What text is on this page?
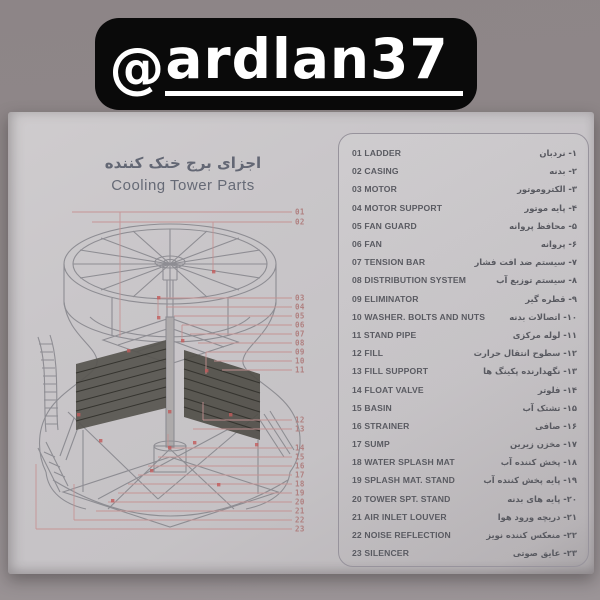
@ ardlan37
اجزای برج خنک کننده
Cooling Tower Parts
01
02
03
04
05
06
07
08
09
10
11
12
13
14
15
16
17
18
19
20
21
22
23
01 LADDER	۱- نردبان
02 CASING	۲- بدنه
03 MOTOR	۳- الکتروموتور
04 MOTOR SUPPORT	۴- پایه موتور
05 FAN GUARD	۵- محافظ پروانه
06 FAN	۶- پروانه
07 TENSION BAR	۷- سیستم ضد افت فشار
08 DISTRIBUTION SYSTEM	۸- سیستم توزیع آب
09 ELIMINATOR	۹- قطره گیر
10 WASHER. BOLTS AND NUTS	۱۰- اتصالات بدنه
11 STAND PIPE	۱۱- لوله مرکزی
12 FILL	۱۲- سطوح انتقال حرارت
13 FILL SUPPORT	۱۳- نگهدارنده پکینگ ها
14 FLOAT VALVE	۱۴- فلوتر
15 BASIN	۱۵- تشتک آب
16 STRAINER	۱۶- صافی
17 SUMP	۱۷- مخزن زیرین
18 WATER SPLASH MAT	۱۸- پخش کننده آب
19 SPLASH MAT. STAND	۱۹- پایه پخش کننده آب
20 TOWER SPT. STAND	۲۰- پایه های بدنه
21 AIR INLET LOUVER	۲۱- دریچه ورود هوا
22 NOISE REFLECTION	۲۲- منعکس کننده نویز
23 SILENCER	۲۳- عایق صوتی
